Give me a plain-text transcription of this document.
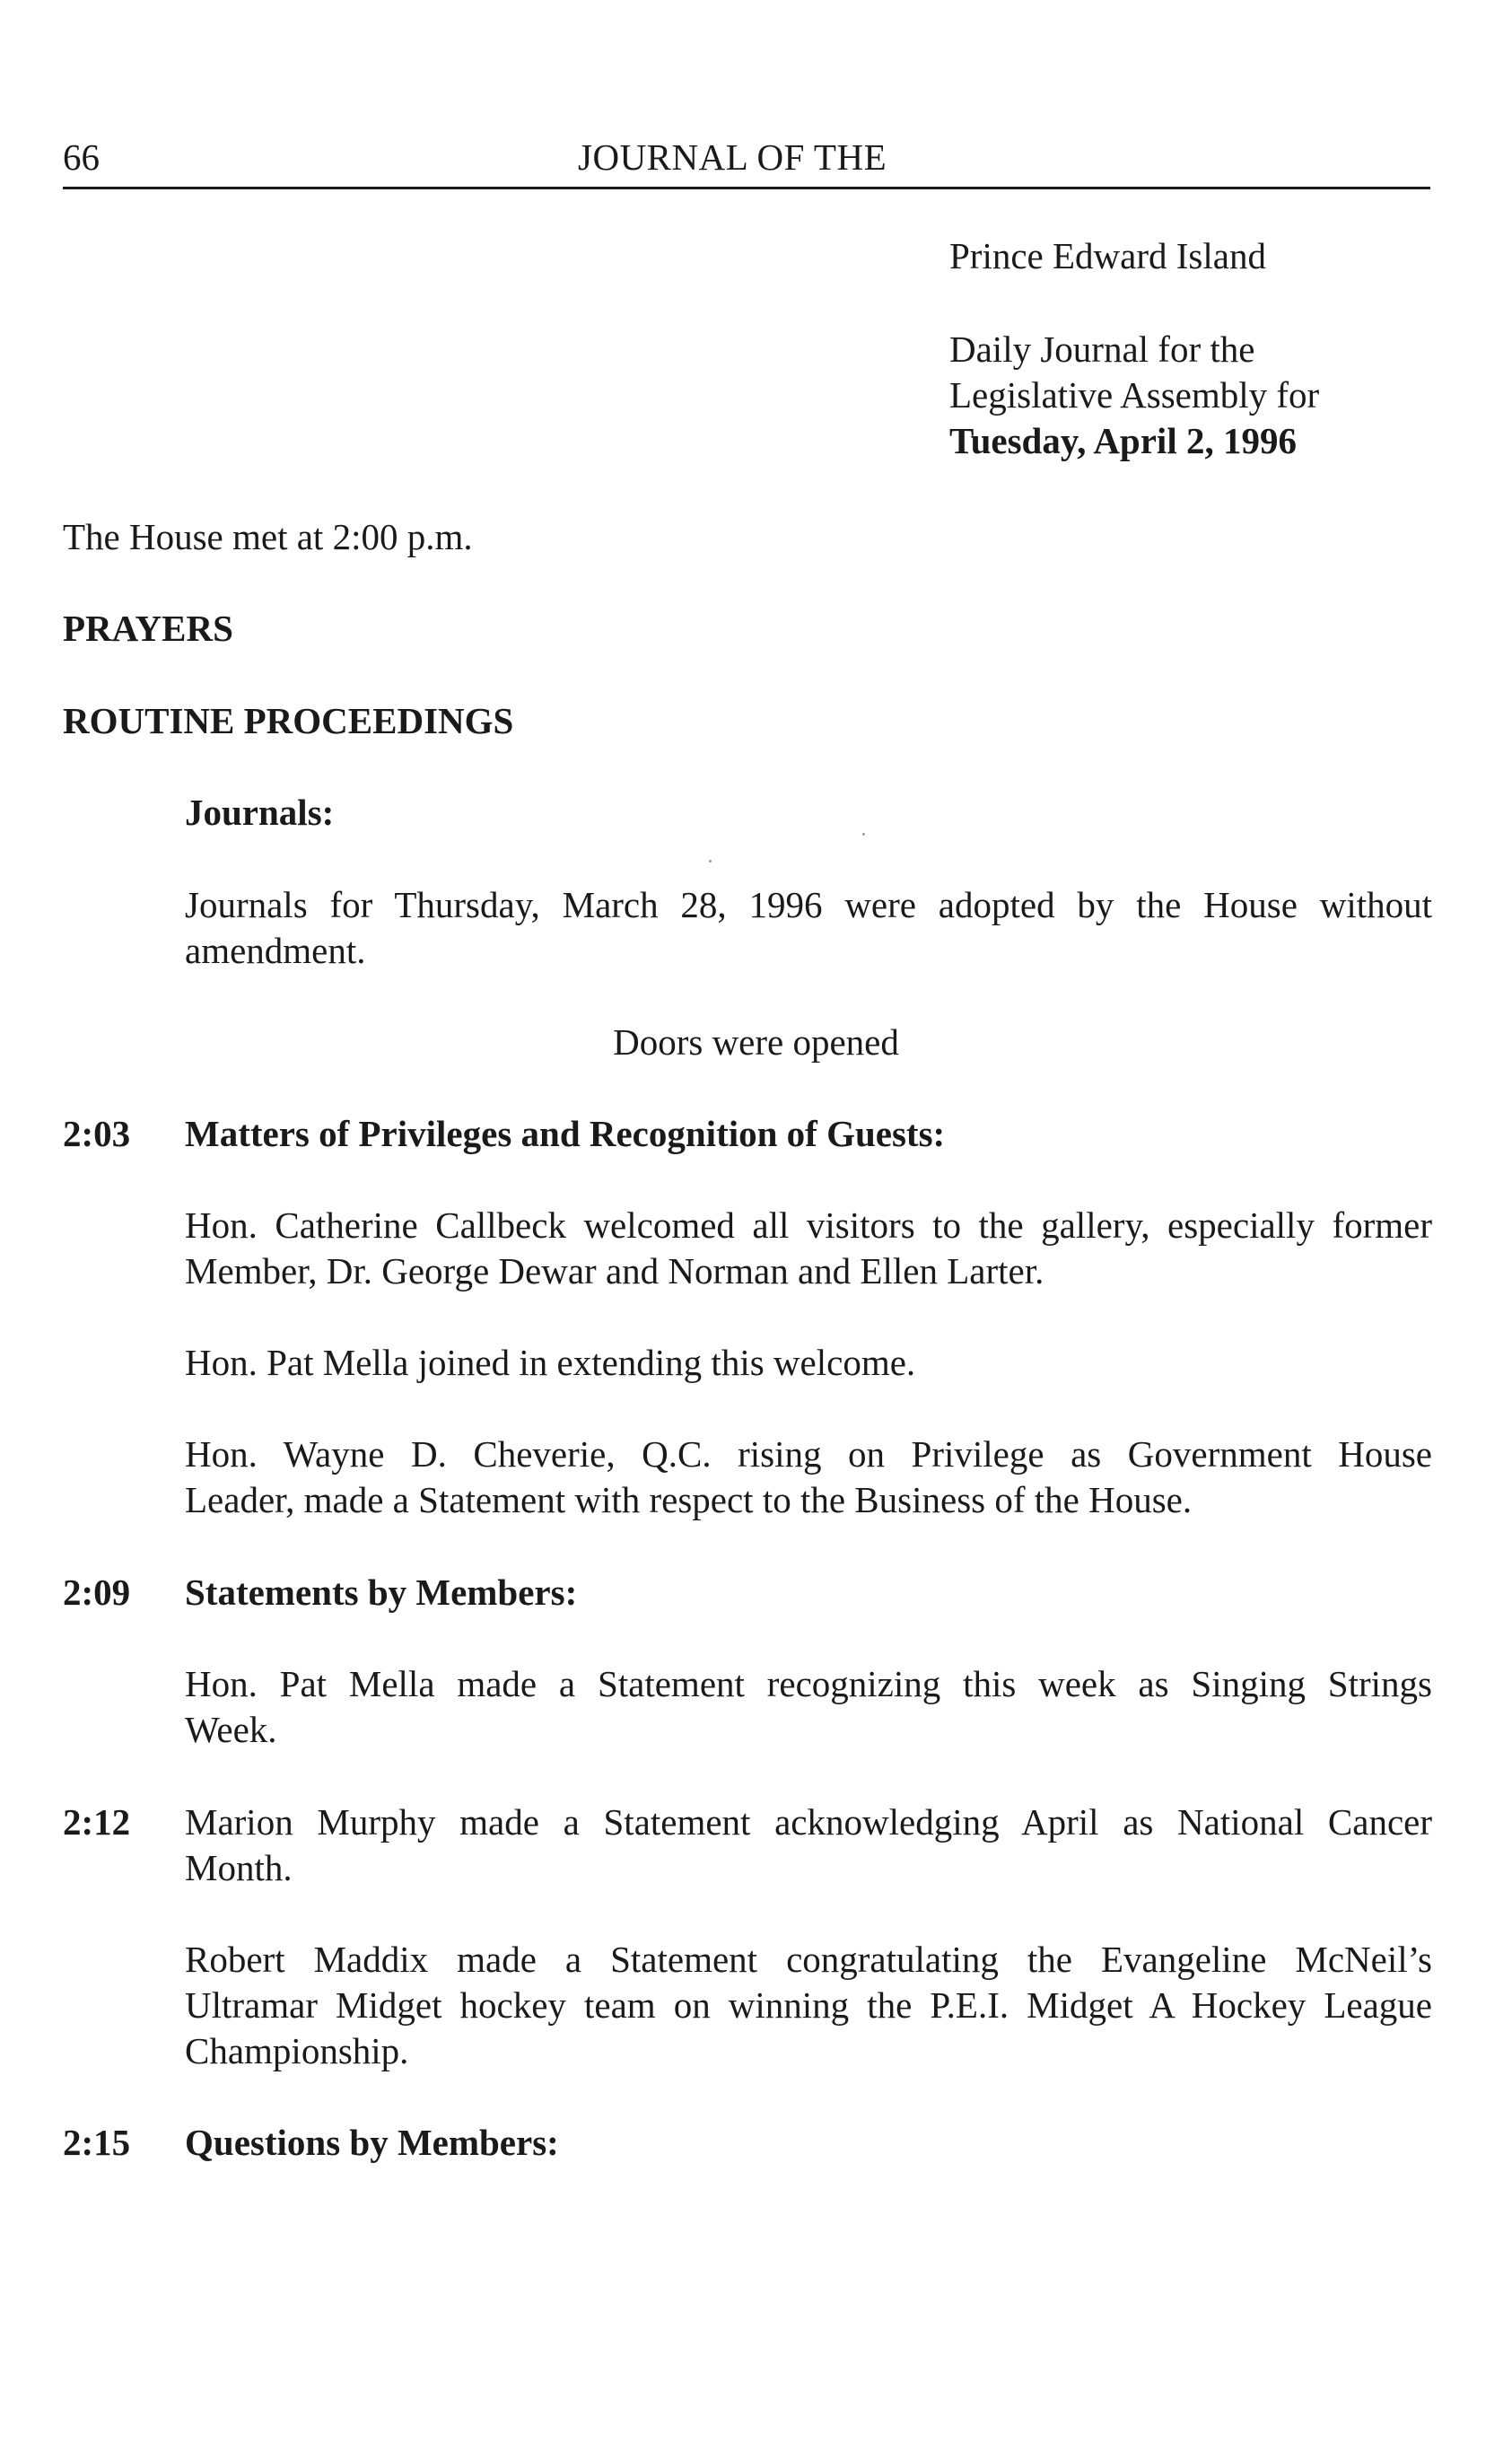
66	JOURNAL OF THE
Prince Edward Island
Daily Journal for the
Legislative Assembly for
Tuesday, April 2, 1996
The House met at 2:00 p.m.
PRAYERS
ROUTINE PROCEEDINGS
Journals:
Journals for Thursday, March 28, 1996 were adopted by the House without
amendment.
Doors were opened
2:03 Matters of Privileges and Recognition of Guests:
Hon. Catherine Callbeck welcomed all visitors to the gallery, especially former
Member, Dr. George Dewar and Norman and Ellen Larter.
Hon. Pat Mella joined in extending this welcome.
Hon. Wayne D. Cheverie, Q.C. rising on Privilege as Government House
Leader, made a Statement with respect to the Business of the House.
2:09 Statements by Members:
Hon. Pat Mella made a Statement recognizing this week as Singing Strings
Week.
2:12 Marion Murphy made a Statement acknowledging April as National Cancer
Month.
Robert Maddix made a Statement congratulating the Evangeline McNeil’s
Ultramar Midget hockey team on winning the P.E.I. Midget A Hockey League
Championship.
2:15 Questions by Members:
